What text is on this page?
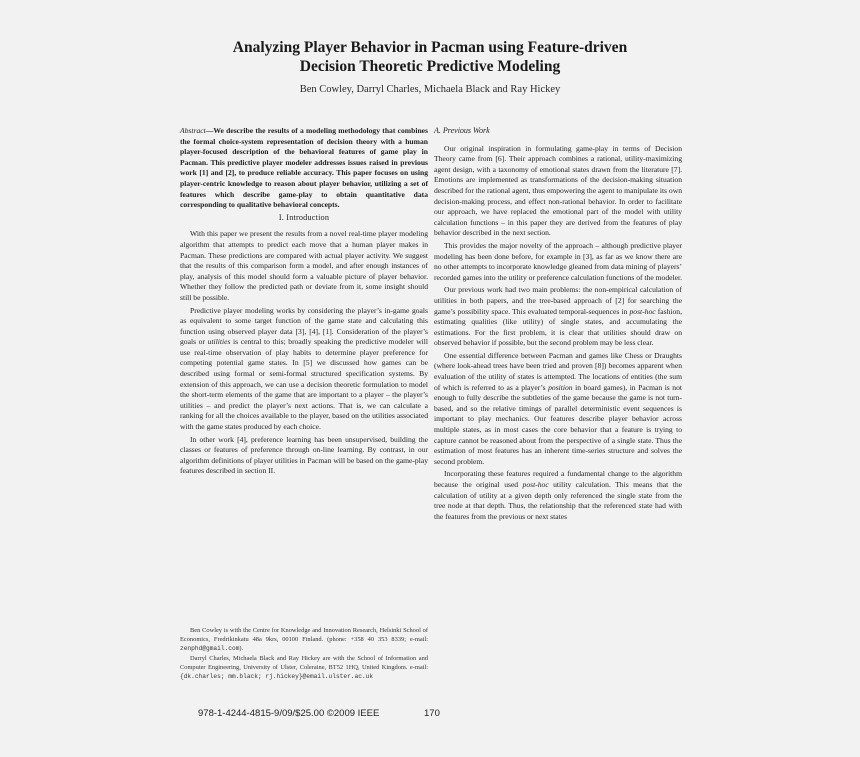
Analyzing Player Behavior in Pacman using Feature-driven
Decision Theoretic Predictive Modeling
Ben Cowley, Darryl Charles, Michaela Black and Ray Hickey

Abstract—We describe the results of a modeling methodology that combines the formal choice-system representation of decision theory with a human player-focused description of the behavioral features of game play in Pacman. This predictive player modeler addresses issues raised in previous work [1] and [2], to produce reliable accuracy. This paper focuses on using player-centric knowledge to reason about player behavior, utilizing a set of features which describe game-play to obtain quantitative data corresponding to qualitative behavioral concepts.

I. Introduction

With this paper we present the results from a novel real-time player modeling algorithm that attempts to predict each move that a human player makes in Pacman. These predictions are compared with actual player activity. We suggest that the results of this comparison form a model, and after enough instances of play, analysis of this model should form a valuable picture of player behavior. Whether they follow the predicted path or deviate from it, some insight should still be possible.

Predictive player modeling works by considering the player’s in-game goals as equivalent to some target function of the game state and calculating this function using observed player data [3], [4], [1]. Consideration of the player’s goals or utilities is central to this; broadly speaking the predictive modeler will use real-time observation of play habits to determine player preference for competing potential game states. In [5] we discussed how games can be described using formal or semi-formal structured specification systems. By extension of this approach, we can use a decision theoretic formulation to model the short-term elements of the game that are important to a player – the player’s utilities – and predict the player’s next actions. That is, we can calculate a ranking for all the choices available to the player, based on the utilities associated with the game states produced by each choice.

In other work [4], preference learning has been unsupervised, building the classes or features of preference through on-line learning. By contrast, in our algorithm definitions of player utilities in Pacman will be based on the game-play features described in section II.

Ben Cowley is with the Centre for Knowledge and Innovation Research, Helsinki School of Economics, Fredrikinkatu 48a 9krs, 00100 Finland. (phone: +358 40 353 8339; e-mail: zenphd@gmail.com).

Darryl Charles, Michaela Black and Ray Hickey are with the School of Information and Computer Engineering, University of Ulster, Coleraine, BT52 1HQ, United Kingdom. e-mail: {dk.charles; mm.black; rj.hickey}@email.ulster.ac.uk

A. Previous Work

Our original inspiration in formulating game-play in terms of Decision Theory came from [6]. Their approach combines a rational, utility-maximizing agent design, with a taxonomy of emotional states drawn from the literature [7]. Emotions are implemented as transformations of the decision-making situation described for the rational agent, thus empowering the agent to manipulate its own decision-making process, and effect non-rational behavior. In order to facilitate our approach, we have replaced the emotional part of the model with utility calculation functions – in this paper they are derived from the features of play behavior described in the next section.

This provides the major novelty of the approach – although predictive player modeling has been done before, for example in [3], as far as we know there are no other attempts to incorporate knowledge gleaned from data mining of players’ recorded games into the utility or preference calculation functions of the modeler.

Our previous work had two main problems: the non-empirical calculation of utilities in both papers, and the tree-based approach of [2] for searching the game’s possibility space. This evaluated temporal-sequences in post-hoc fashion, estimating qualities (like utility) of single states, and accumulating the estimations. For the first problem, it is clear that utilities should draw on observed behavior if possible, but the second problem may be less clear.

One essential difference between Pacman and games like Chess or Draughts (where look-ahead trees have been tried and proven [8]) becomes apparent when evaluation of the utility of states is attempted. The locations of entities (the sum of which is referred to as a player’s position in board games), in Pacman is not enough to fully describe the subtleties of the game because the game is not turn-based, and so the relative timings of parallel deterministic event sequences is important to play mechanics. Our features describe player behavior across multiple states, as in most cases the core behavior that a feature is trying to capture cannot be reasoned about from the perspective of a single state. Thus the estimation of most features has an inherent time-series structure and solves the second problem.

Incorporating these features required a fundamental change to the algorithm because the original used post-hoc utility calculation. This means that the calculation of utility at a given depth only referenced the single state from the tree node at that depth. Thus, the relationship that the referenced state had with the features from the previous or next states

978-1-4244-4815-9/09/$25.00 ©2009 IEEE	170
